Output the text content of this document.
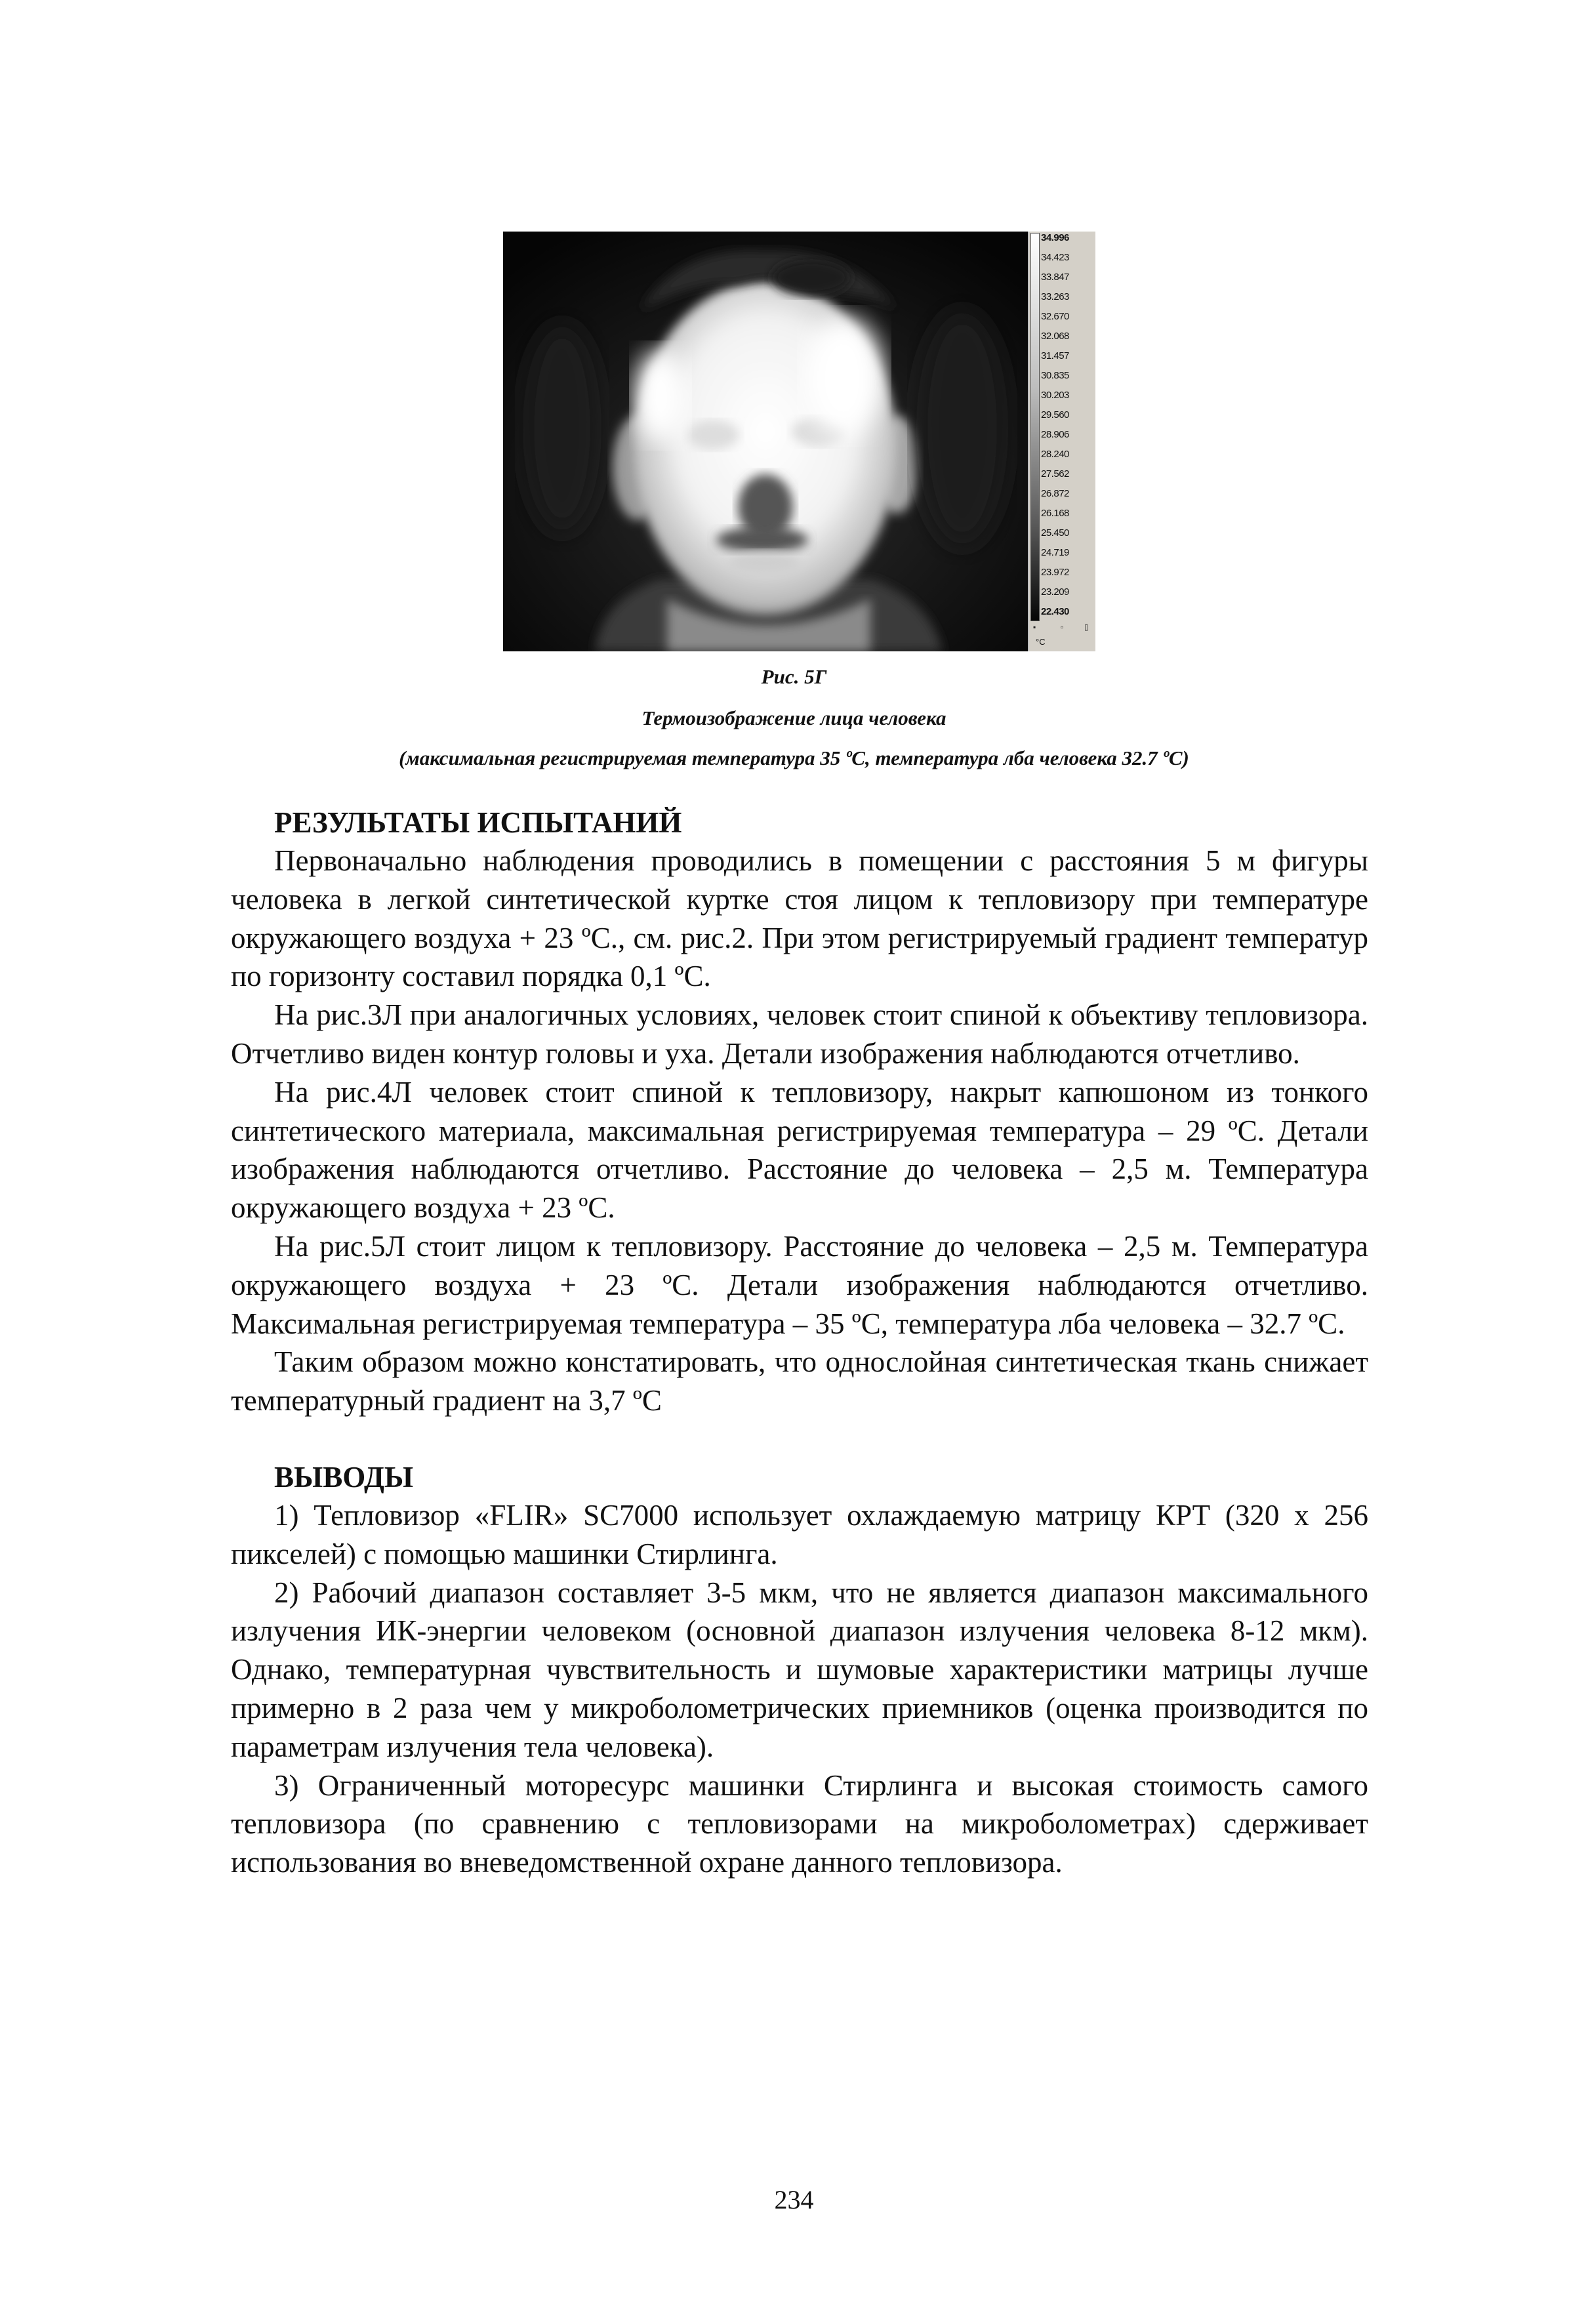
34.996
34.423
33.847
33.263
32.670
32.068
31.457
30.835
30.203
29.560
28.906
28.240
27.562
26.872
26.168
25.450
24.719
23.972
23.209
22.430
▪	▫	▯
°C
Рис. 5Г
Термоизображение лица человека
(максимальная регистрируемая температура 35 ºC, температура лба человека 32.7 ºC)

РЕЗУЛЬТАТЫ ИСПЫТАНИЙ

Первоначально наблюдения проводились в помещении с расстояния 5 м фигуры человека в легкой синтетической куртке стоя лицом к тепловизору при температуре окружающего воздуха + 23 ºC., см. рис.2. При этом регистрируемый градиент температур по горизонту составил порядка 0,1 ºC.

На рис.3Л при аналогичных условиях, человек стоит спиной к объективу тепловизора. Отчетливо виден контур головы и уха. Детали изображения наблюдаются отчетливо.

На рис.4Л человек стоит спиной к тепловизору, накрыт капюшоном из тонкого синтетического материала, максимальная регистрируемая температура – 29 ºC. Детали изображения наблюдаются отчетливо. Расстояние до человека – 2,5 м. Температура окружающего воздуха + 23 ºC.

На рис.5Л стоит лицом к тепловизору. Расстояние до человека – 2,5 м. Температура окружающего воздуха + 23 ºC. Детали изображения наблюдаются отчетливо. Максимальная регистрируемая температура – 35 ºC, температура лба человека – 32.7 ºC.

Таким образом можно констатировать, что однослойная синтетическая ткань снижает температурный градиент на 3,7 ºC

ВЫВОДЫ

1) Тепловизор «FLIR» SC7000 использует охлаждаемую матрицу КРТ (320 х 256 пикселей) с помощью машинки Стирлинга.

2) Рабочий диапазон составляет 3-5 мкм, что не является диапазон максимального излучения ИК-энергии человеком (основной диапазон излучения человека 8-12 мкм). Однако, температурная чувствительность и шумовые характеристики матрицы лучше примерно в 2 раза чем у микроболометрических приемников (оценка производится по параметрам излучения тела человека).

3) Ограниченный моторесурс машинки Стирлинга и высокая стоимость самого тепловизора (по сравнению с тепловизорами на микроболометрах) сдерживает использования во вневедомственной охране данного тепловизора.

234
